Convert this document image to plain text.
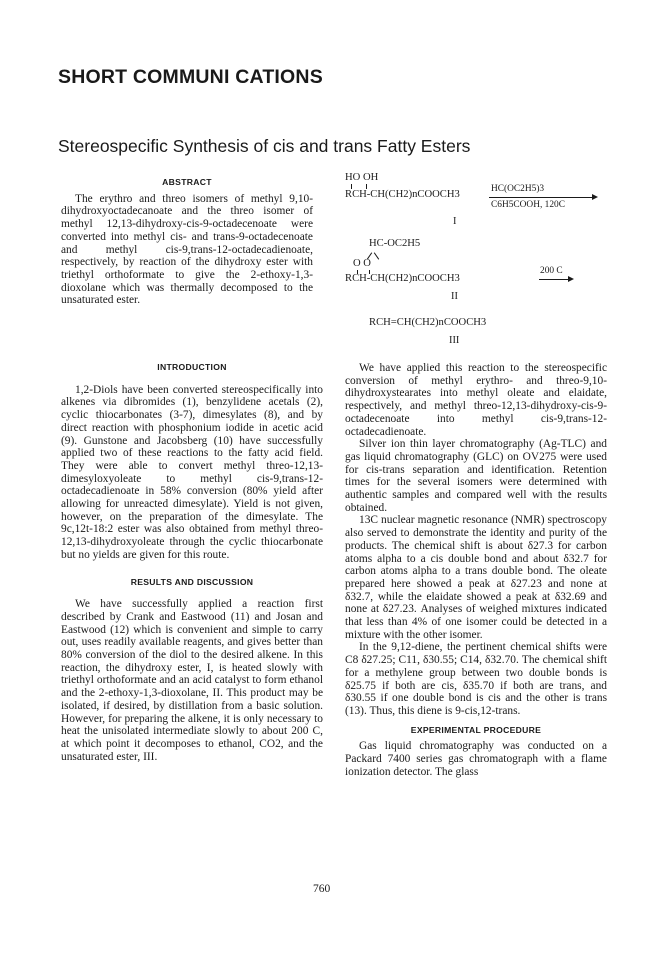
SHORT COMMUNI CATIONS
Stereospecific Synthesis of cis and trans Fatty Esters
ABSTRACT

The erythro and threo isomers of methyl 9,10-dihydroxyoctadecanoate and the threo isomer of methyl 12,13-dihydroxy-cis-9-octadecenoate were converted into methyl cis- and trans-9-octadecenoate and methyl cis-9,trans-12-octadecadienoate, respectively, by reaction of the dihydroxy ester with triethyl orthoformate to give the 2-ethoxy-1,3-dioxolane which was thermally decomposed to the unsaturated ester.

HO OH
RCH-CH(CH2)nCOOCH3	HC(OC2H5)3
C6H5COOH, 120C
I
HC-OC2H5
O O
RCH-CH(CH2)nCOOCH3
200 C
II
RCH=CH(CH2)nCOOCH3
III
INTRODUCTION

1,2-Diols have been converted stereospecifically into alkenes via dibromides (1), benzylidene acetals (2), cyclic thiocarbonates (3-7), dimesylates (8), and by direct reaction with phosphonium iodide in acetic acid (9). Gunstone and Jacobsberg (10) have successfully applied two of these reactions to the fatty acid field. They were able to convert methyl threo-12,13-dimesyloxyoleate to methyl cis-9,trans-12-octadecadienoate in 58% conversion (80% yield after allowing for unreacted dimesylate). Yield is not given, however, on the preparation of the dimesylate. The 9c,12t-18:2 ester was also obtained from methyl threo-12,13-dihydroxyoleate through the cyclic thiocarbonate but no yields are given for this route.

RESULTS AND DISCUSSION

We have successfully applied a reaction first described by Crank and Eastwood (11) and Josan and Eastwood (12) which is convenient and simple to carry out, uses readily available reagents, and gives better than 80% conversion of the diol to the desired alkene. In this reaction, the dihydroxy ester, I, is heated slowly with triethyl orthoformate and an acid catalyst to form ethanol and the 2-ethoxy-1,3-dioxolane, II. This product may be isolated, if desired, by distillation from a basic solution. However, for preparing the alkene, it is only necessary to heat the unisolated intermediate slowly to about 200 C, at which point it decomposes to ethanol, CO2, and the unsaturated ester, III.

We have applied this reaction to the stereospecific conversion of methyl erythro- and threo-9,10-dihydroxystearates into methyl oleate and elaidate, respectively, and methyl threo-12,13-dihydroxy-cis-9-octadecenoate into methyl cis-9,trans-12-octadecadienoate.

Silver ion thin layer chromatography (Ag-TLC) and gas liquid chromatography (GLC) on OV275 were used for cis-trans separation and identification. Retention times for the several isomers were determined with authentic samples and compared well with the results obtained.

13C nuclear magnetic resonance (NMR) spectroscopy also served to demonstrate the identity and purity of the products. The chemical shift is about δ27.3 for carbon atoms alpha to a cis double bond and about δ32.7 for carbon atoms alpha to a trans double bond. The oleate prepared here showed a peak at δ27.23 and none at δ32.7, while the elaidate showed a peak at δ32.69 and none at δ27.23. Analyses of weighed mixtures indicated that less than 4% of one isomer could be detected in a mixture with the other isomer.

In the 9,12-diene, the pertinent chemical shifts were C8 δ27.25; C11, δ30.55; C14, δ32.70. The chemical shift for a methylene group between two double bonds is δ25.75 if both are cis, δ35.70 if both are trans, and δ30.55 if one double bond is cis and the other is trans (13). Thus, this diene is 9-cis,12-trans.

EXPERIMENTAL PROCEDURE

Gas liquid chromatography was conducted on a Packard 7400 series gas chromatograph with a flame ionization detector. The glass

760
